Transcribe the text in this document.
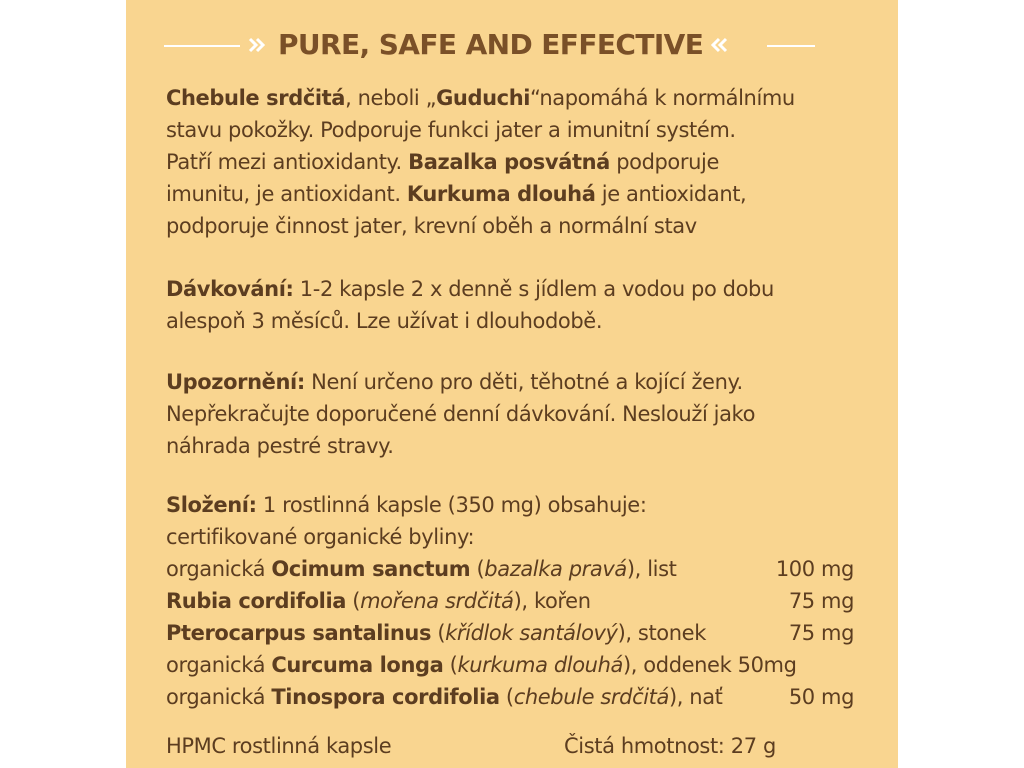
PURE, SAFE AND EFFECTIVE
Chebule srdčitá, neboli „Guduchi“napomáhá k normálnímu
stavu pokožky. Podporuje funkci jater a imunitní systém.
Patří mezi antioxidanty. Bazalka posvátná podporuje
imunitu, je antioxidant. Kurkuma dlouhá je antioxidant,
podporuje činnost jater, krevní oběh a normální stav
Dávkování: 1-2 kapsle 2 x denně s jídlem a vodou po dobu
alespoň 3 měsíců. Lze užívat i dlouhodobě.
Upozornění: Není určeno pro děti, těhotné a kojící ženy.
Nepřekračujte doporučené denní dávkování. Neslouží jako
náhrada pestré stravy.
Složení: 1 rostlinná kapsle (350 mg) obsahuje:
certifikované organické byliny:
organická Ocimum sanctum (bazalka pravá), list	100 mg
Rubia cordifolia (mořena srdčitá), kořen	75 mg
Pterocarpus santalinus (křídlok santálový), stonek	75 mg
organická Curcuma longa (kurkuma dlouhá), oddenek 50mg
organická Tinospora cordifolia (chebule srdčitá), nať	50 mg
HPMC rostlinná kapsle	Čistá hmotnost: 27 g
